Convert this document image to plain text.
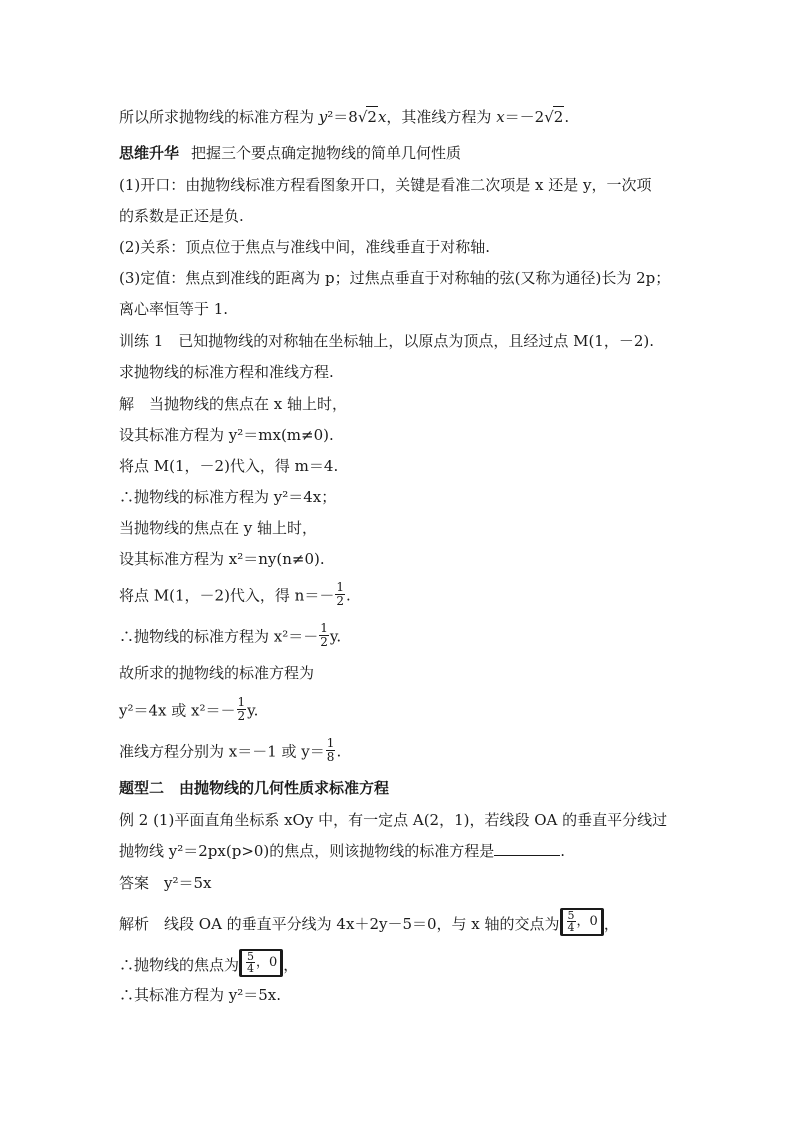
所以所求抛物线的标准方程为 y²＝8√2x，其准线方程为 x＝－2√2.
思维升华 把握三个要点确定抛物线的简单几何性质
(1)开口：由抛物线标准方程看图象开口，关键是看准二次项是 x 还是 y，一次项
的系数是正还是负.
(2)关系：顶点位于焦点与准线中间，准线垂直于对称轴.
(3)定值：焦点到准线的距离为 p；过焦点垂直于对称轴的弦(又称为通径)长为 2p；
离心率恒等于 1.
训练 1　已知抛物线的对称轴在坐标轴上，以原点为顶点，且经过点 M(1，－2).
求抛物线的标准方程和准线方程.
解　当抛物线的焦点在 x 轴上时，
设其标准方程为 y²＝mx(m≠0).
将点 M(1，－2)代入，得 m＝4.
∴抛物线的标准方程为 y²＝4x；
当抛物线的焦点在 y 轴上时，
设其标准方程为 x²＝ny(n≠0).
将点 M(1，－2)代入，得 $n=- \frac{1}{2}$ .
∴抛物线的标准方程为 $x^2=- \frac{1}{2} y$.
故所求的抛物线的标准方程为
y²＝4x 或 $x^2=- \frac{1}{2} y$.
准线方程分别为 x＝－1 或 $y= \frac{1}{8}$ .
题型二　由抛物线的几何性质求标准方程
例 2 (1)平面直角坐标系 xOy 中，有一定点 A(2，1)，若线段 OA 的垂直平分线过
抛物线 y²＝2px(p>0)的焦点，则该抛物线的标准方程是	.
答案　y²＝5x
解析　线段 OA 的垂直平分线为 4x＋2y－5＝0，与 x 轴的交点为 $\frac{5}{4}$ ，0 ，
∴抛物线的焦点为 $\frac{5}{4}$ ，0 ，
∴其标准方程为 y²＝5x.
